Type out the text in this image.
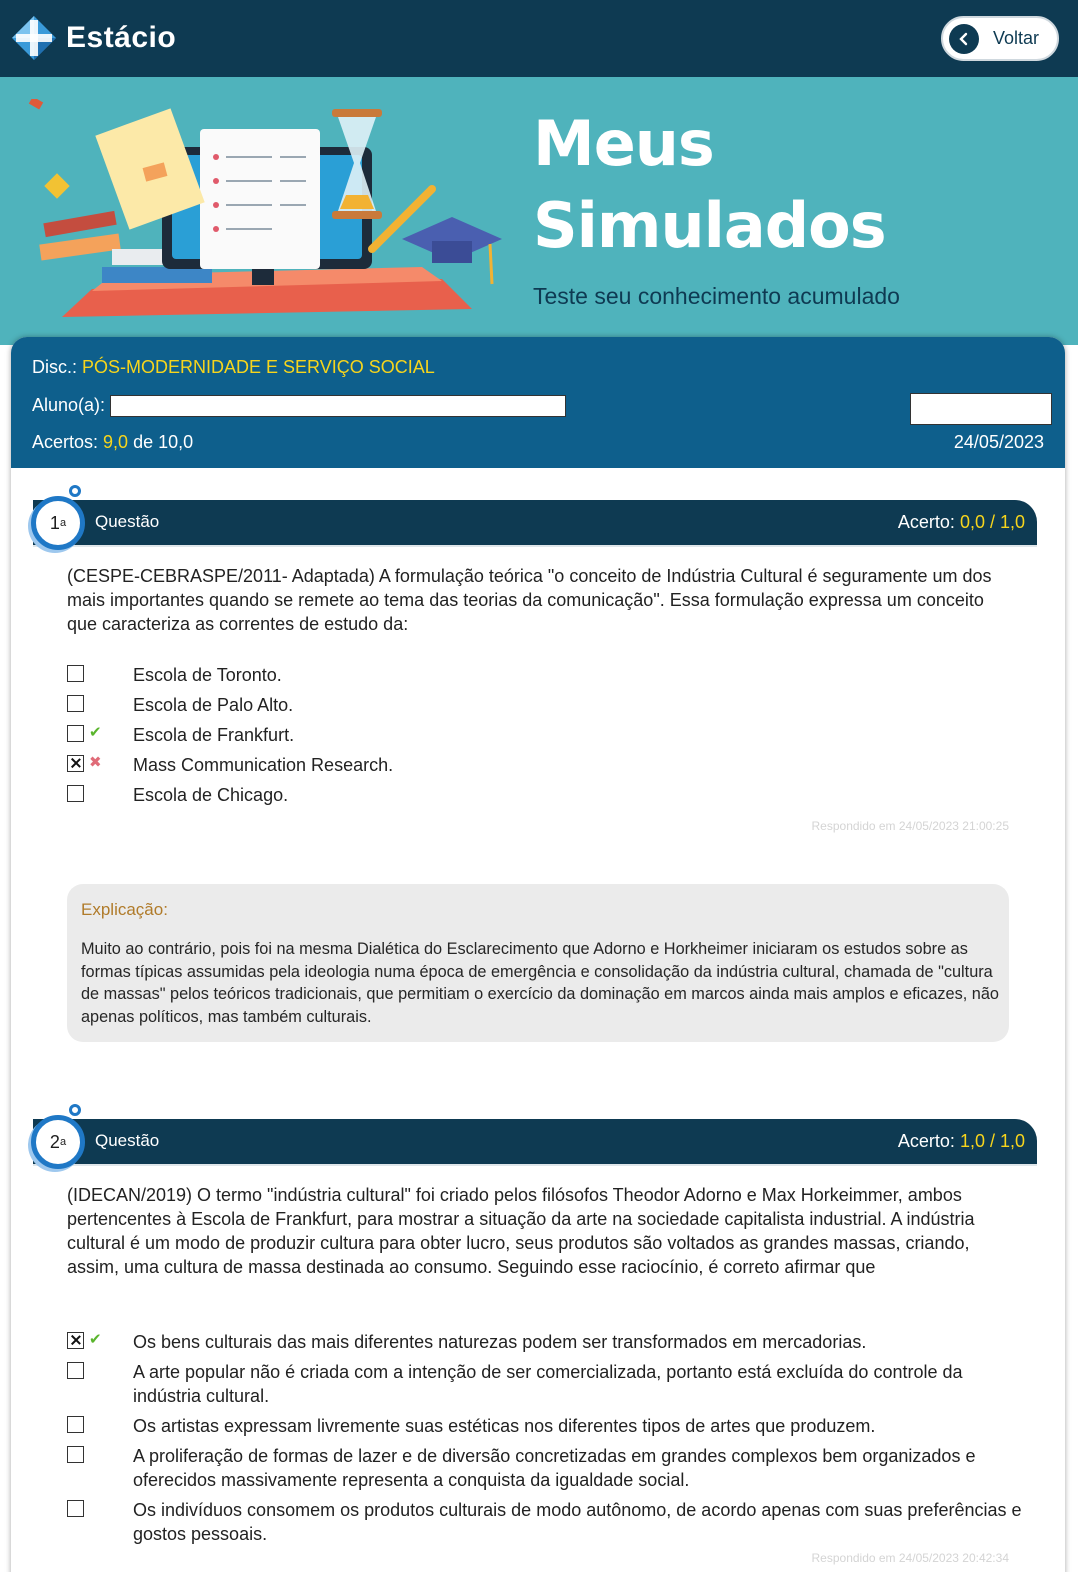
Estácio	Voltar
Meus
Simulados
Teste seu conhecimento acumulado
Disc.: PÓS-MODERNIDADE E SERVIÇO SOCIAL
Aluno(a):
Acertos: 9,0 de 10,0	24/05/2023
Questão	Acerto: 0,0 / 1,0
1 a
(CESPE-CEBRASPE/2011- Adaptada) A formulação teórica "o conceito de Indústria Cultural é seguramente um dos mais importantes quando se remete ao tema das teorias da comunicação". Essa formulação expressa um conceito que caracteriza as correntes de estudo da:
Escola de Toronto.
Escola de Palo Alto.
✔ Escola de Frankfurt.
✖ Mass Communication Research.
Escola de Chicago.
Respondido em 24/05/2023 21:00:25
Explicação:
Muito ao contrário, pois foi na mesma Dialética do Esclarecimento que Adorno e Horkheimer iniciaram os estudos sobre as formas típicas assumidas pela ideologia numa época de emergência e consolidação da indústria cultural, chamada de "cultura de massas" pelos teóricos tradicionais, que permitiam o exercício da dominação em marcos ainda mais amplos e eficazes, não apenas políticos, mas também culturais.
Questão	Acerto: 1,0 / 1,0
2 a
(IDECAN/2019) O termo "indústria cultural" foi criado pelos filósofos Theodor Adorno e Max Horkeimmer, ambos pertencentes à Escola de Frankfurt, para mostrar a situação da arte na sociedade capitalista industrial. A indústria cultural é um modo de produzir cultura para obter lucro, seus produtos são voltados as grandes massas, criando, assim, uma cultura de massa destinada ao consumo. Seguindo esse raciocínio, é correto afirmar que
✔ Os bens culturais das mais diferentes naturezas podem ser transformados em mercadorias.
A arte popular não é criada com a intenção de ser comercializada, portanto está excluída do controle da indústria cultural.
Os artistas expressam livremente suas estéticas nos diferentes tipos de artes que produzem.
A proliferação de formas de lazer e de diversão concretizadas em grandes complexos bem organizados e oferecidos massivamente representa a conquista da igualdade social.
Os indivíduos consomem os produtos culturais de modo autônomo, de acordo apenas com suas preferências e gostos pessoais.
Respondido em 24/05/2023 20:42:34
